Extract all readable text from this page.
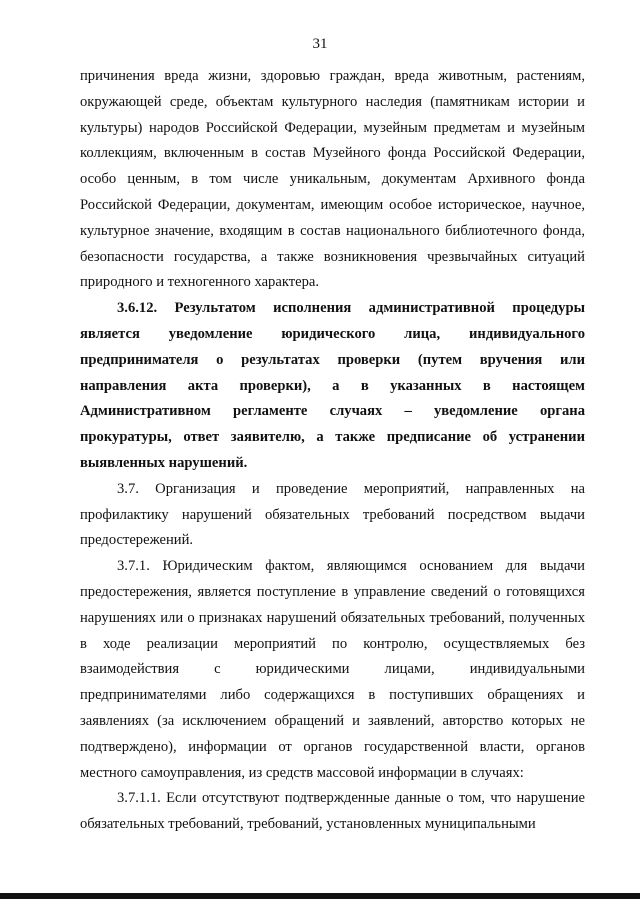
31

причинения вреда жизни, здоровью граждан, вреда животным, растениям, окружающей среде, объектам культурного наследия (памятникам истории и культуры) народов Российской Федерации, музейным предметам и музейным коллекциям, включенным в состав Музейного фонда Российской Федерации, особо ценным, в том числе уникальным, документам Архивного фонда Российской Федерации, документам, имеющим особое историческое, научное, культурное значение, входящим в состав национального библиотечного фонда, безопасности государства, а также возникновения чрезвычайных ситуаций природного и техногенного характера.

3.6.12. Результатом исполнения административной процедуры является уведомление юридического лица, индивидуального предпринимателя о результатах проверки (путем вручения или направления акта проверки), а в указанных в настоящем Административном регламенте случаях – уведомление органа прокуратуры, ответ заявителю, а также предписание об устранении выявленных нарушений.

3.7. Организация и проведение мероприятий, направленных на профилактику нарушений обязательных требований посредством выдачи предостережений.

3.7.1. Юридическим фактом, являющимся основанием для выдачи предостережения, является поступление в управление сведений о готовящихся нарушениях или о признаках нарушений обязательных требований, полученных в ходе реализации мероприятий по контролю, осуществляемых без взаимодействия с юридическими лицами, индивидуальными предпринимателями либо содержащихся в поступивших обращениях и заявлениях (за исключением обращений и заявлений, авторство которых не подтверждено), информации от органов государственной власти, органов местного самоуправления, из средств массовой информации в случаях:

3.7.1.1. Если отсутствуют подтвержденные данные о том, что нарушение обязательных требований, требований, установленных муниципальными
